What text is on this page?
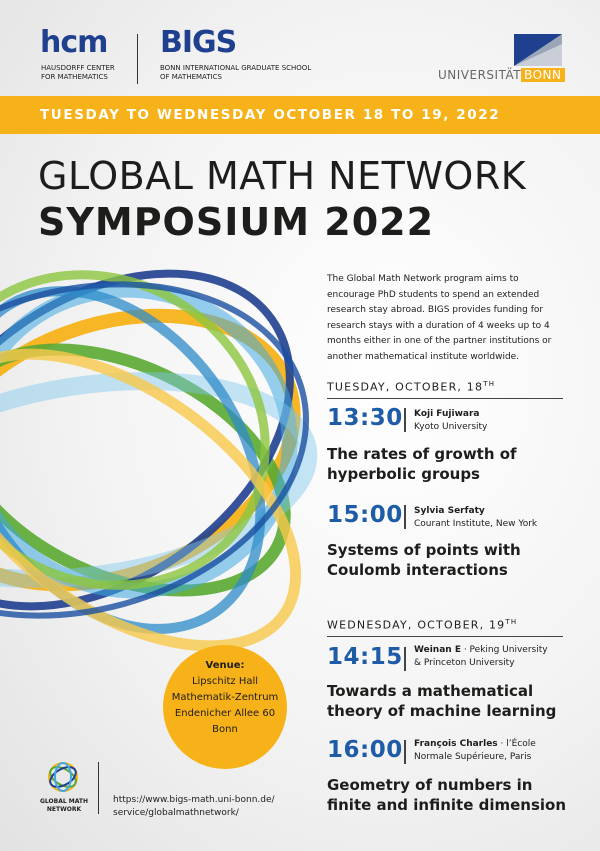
hcm
HAUSDORFF CENTER
FOR MATHEMATICS
BIGS
BONN INTERNATIONAL GRADUATE SCHOOL
OF MATHEMATICS	UNIVERSITÄT BONN
TUESDAY TO WEDNESDAY OCTOBER 18 TO 19, 2022
GLOBAL MATH NETWORK
SYMPOSIUM 2022
The Global Math Network program aims to encourage PhD students to spend an extended research stay abroad. BIGS provides funding for research stays with a duration of 4 weeks up to 4 months either in one of the partner institutions or another mathematical institute worldwide.
TUESDAY, OCTOBER, 18TH
13:30 Koji Fujiwara
Kyoto University
The rates of growth of
hyperbolic groups
15:00 Sylvia Serfaty
Courant Institute, New York
Systems of points with
Coulomb interactions
WEDNESDAY, OCTOBER, 19TH
14:15 Weinan E · Peking University
& Princeton University
Towards a mathematical
theory of machine learning
16:00 François Charles · l’École
Normale Supérieure, Paris
Geometry of numbers in
finite and infinite dimension
Venue:
Lipschitz Hall
Mathematik-Zentrum
Endenicher Allee 60
Bonn
GLOBAL MATH
NETWORK
https://www.bigs-math.uni-bonn.de/
service/globalmathnetwork/
